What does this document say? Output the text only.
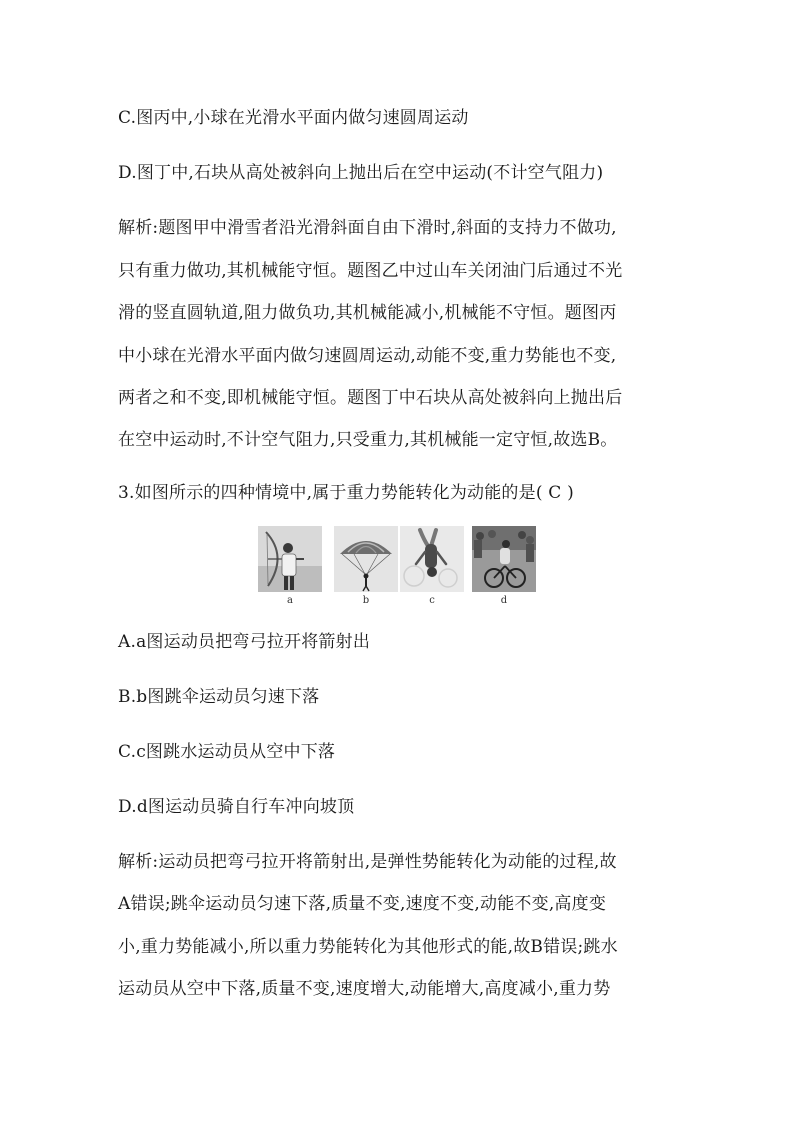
C.图丙中,小球在光滑水平面内做匀速圆周运动
D.图丁中,石块从高处被斜向上抛出后在空中运动(不计空气阻力)
解析:题图甲中滑雪者沿光滑斜面自由下滑时,斜面的支持力不做功,
只有重力做功,其机械能守恒。题图乙中过山车关闭油门后通过不光
滑的竖直圆轨道,阻力做负功,其机械能减小,机械能不守恒。题图丙
中小球在光滑水平面内做匀速圆周运动,动能不变,重力势能也不变,
两者之和不变,即机械能守恒。题图丁中石块从高处被斜向上抛出后
在空中运动时,不计空气阻力,只受重力,其机械能一定守恒,故选B。
3.如图所示的四种情境中,属于重力势能转化为动能的是( C )
a	b	c	d
A.a图运动员把弯弓拉开将箭射出
B.b图跳伞运动员匀速下落
C.c图跳水运动员从空中下落
D.d图运动员骑自行车冲向坡顶
解析:运动员把弯弓拉开将箭射出,是弹性势能转化为动能的过程,故
A错误;跳伞运动员匀速下落,质量不变,速度不变,动能不变,高度变
小,重力势能减小,所以重力势能转化为其他形式的能,故B错误;跳水
运动员从空中下落,质量不变,速度增大,动能增大,高度减小,重力势
